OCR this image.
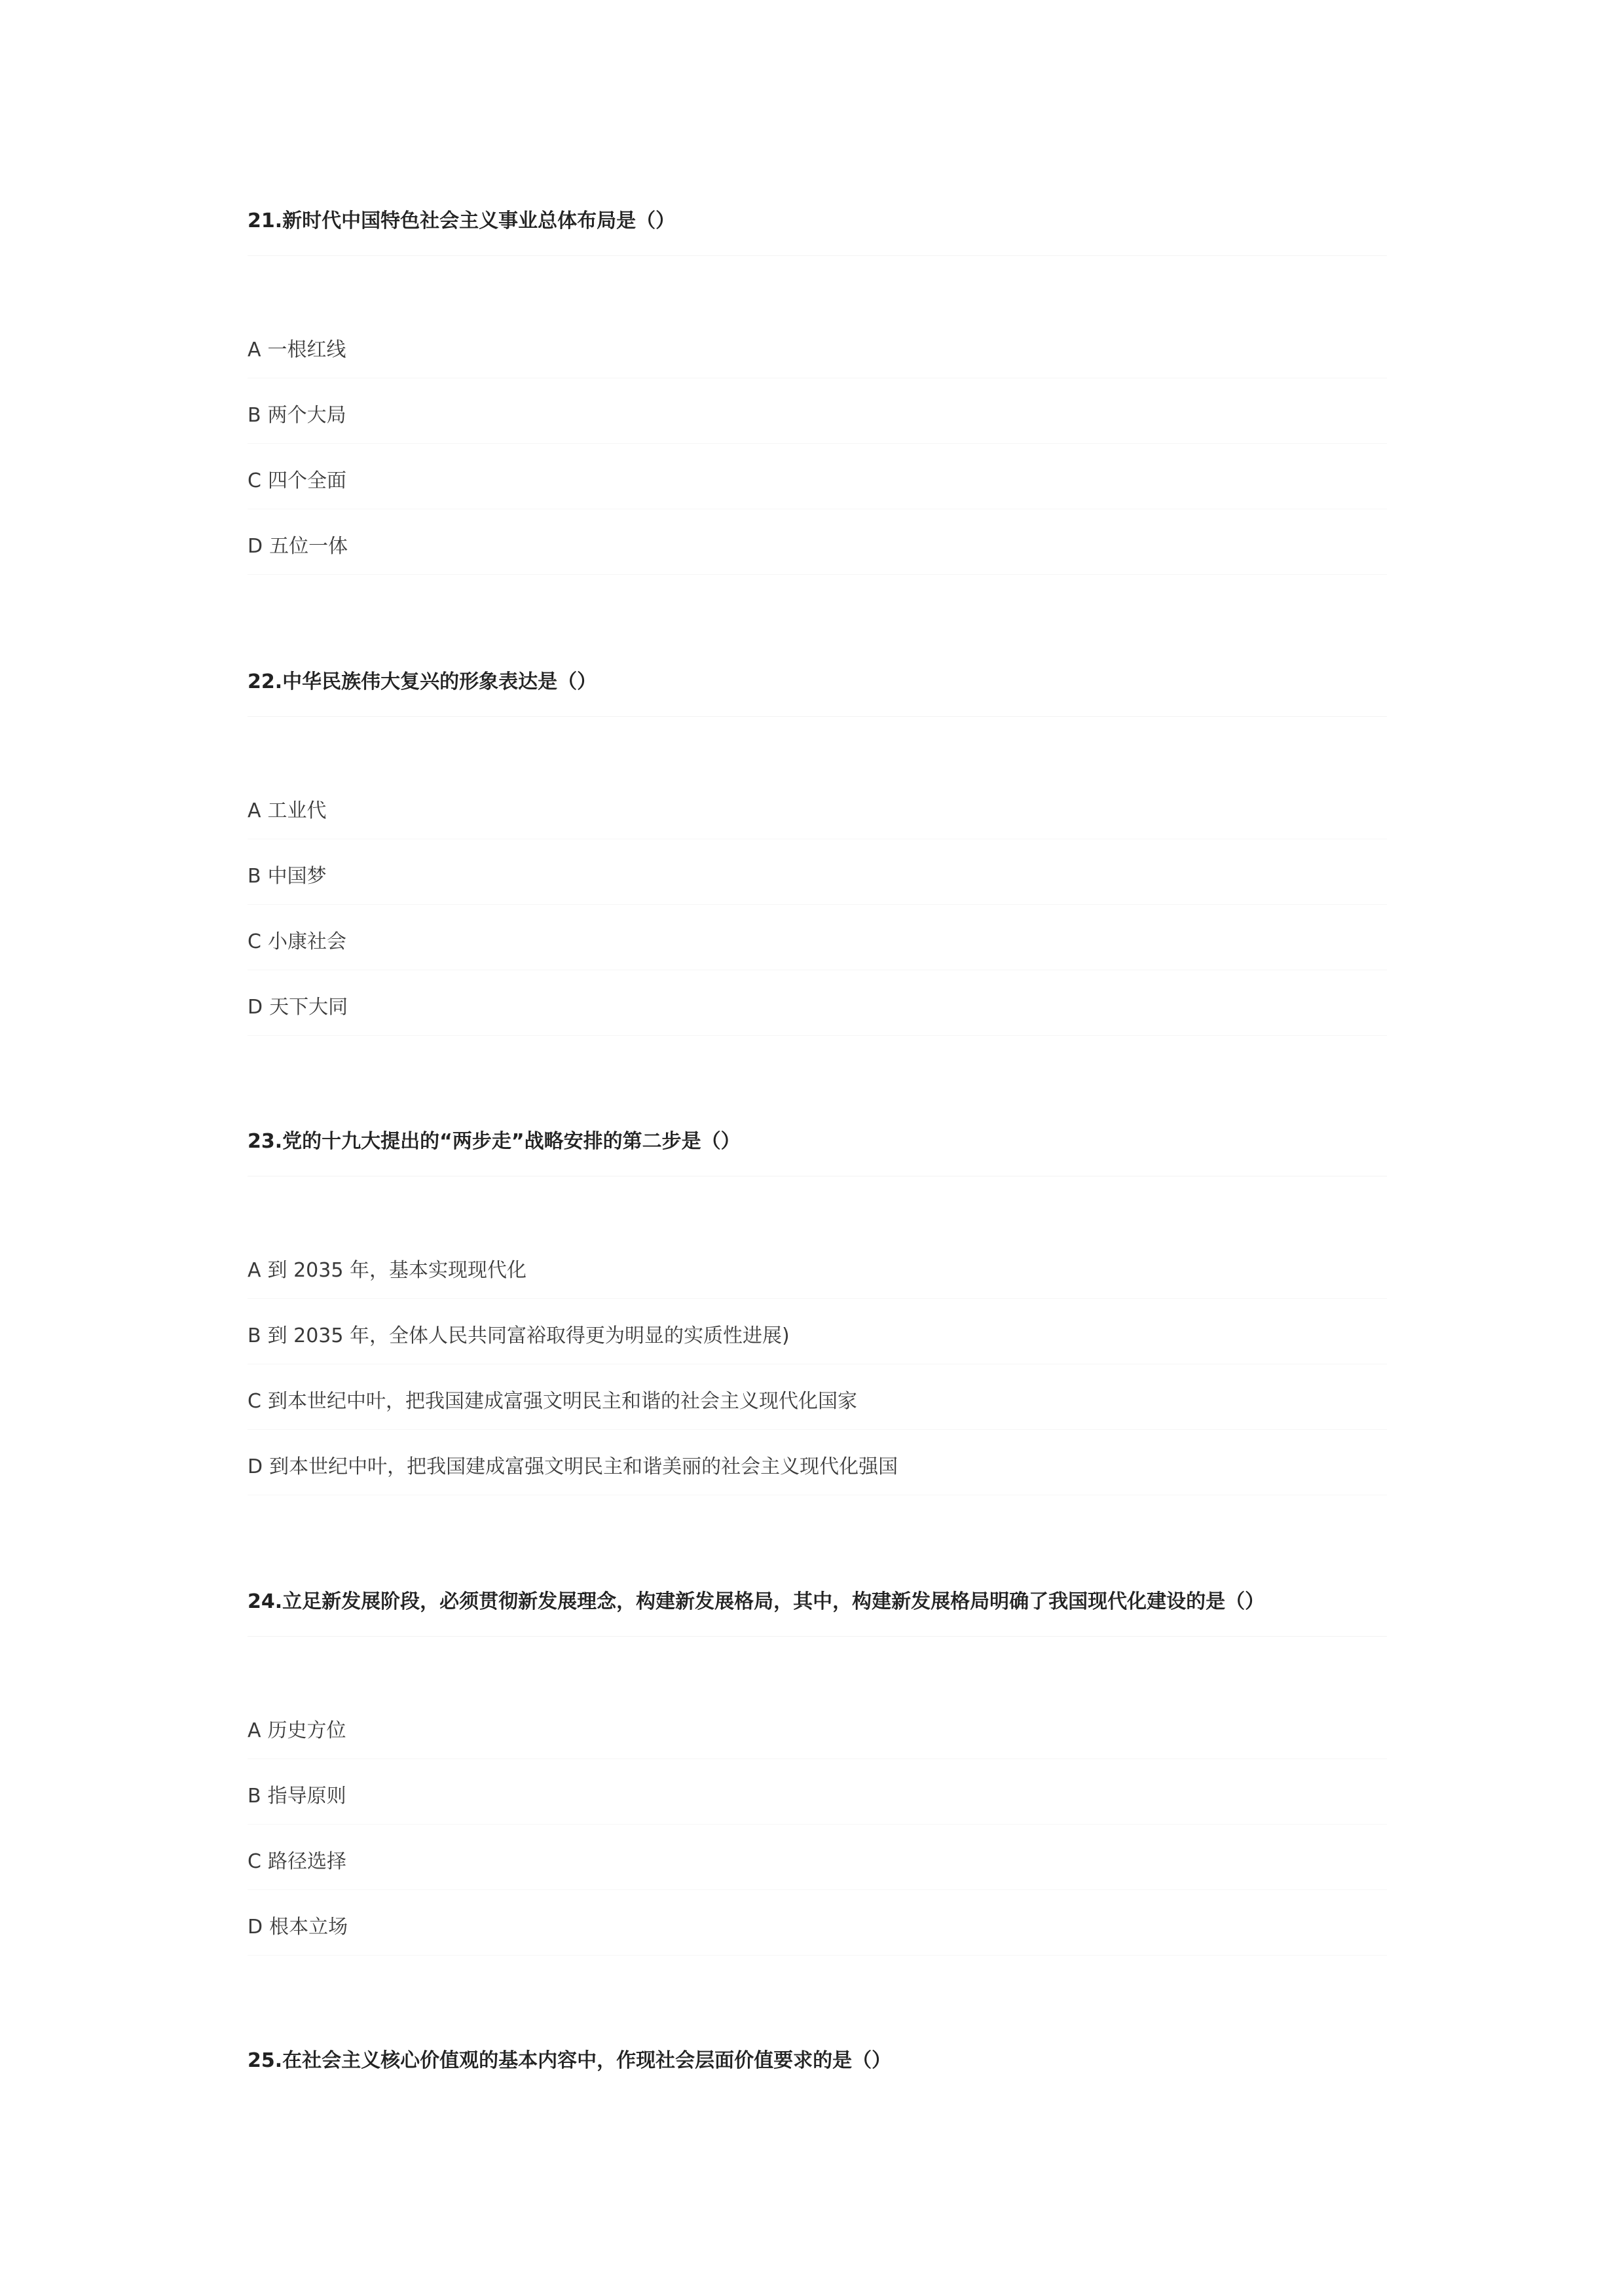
21.新时代中国特色社会主义事业总体布局是（）
A 一根红线
B 两个大局
C 四个全面
D 五位一体
22.中华民族伟大复兴的形象表达是（）
A 工业代
B 中国梦
C 小康社会
D 天下大同
23.党的十九大提出的“两步走”战略安排的第二步是（）
A 到 2035 年，基本实现现代化
B 到 2035 年，全体人民共同富裕取得更为明显的实质性进展)
C 到本世纪中叶，把我国建成富强文明民主和谐的社会主义现代化国家
D 到本世纪中叶，把我国建成富强文明民主和谐美丽的社会主义现代化强国
24.立足新发展阶段，必须贯彻新发展理念，构建新发展格局，其中，构建新发展格局明确了我国现代化建设的是（）
A 历史方位
B 指导原则
C 路径选择
D 根本立场
25.在社会主义核心价值观的基本内容中，作现社会层面价值要求的是（）
